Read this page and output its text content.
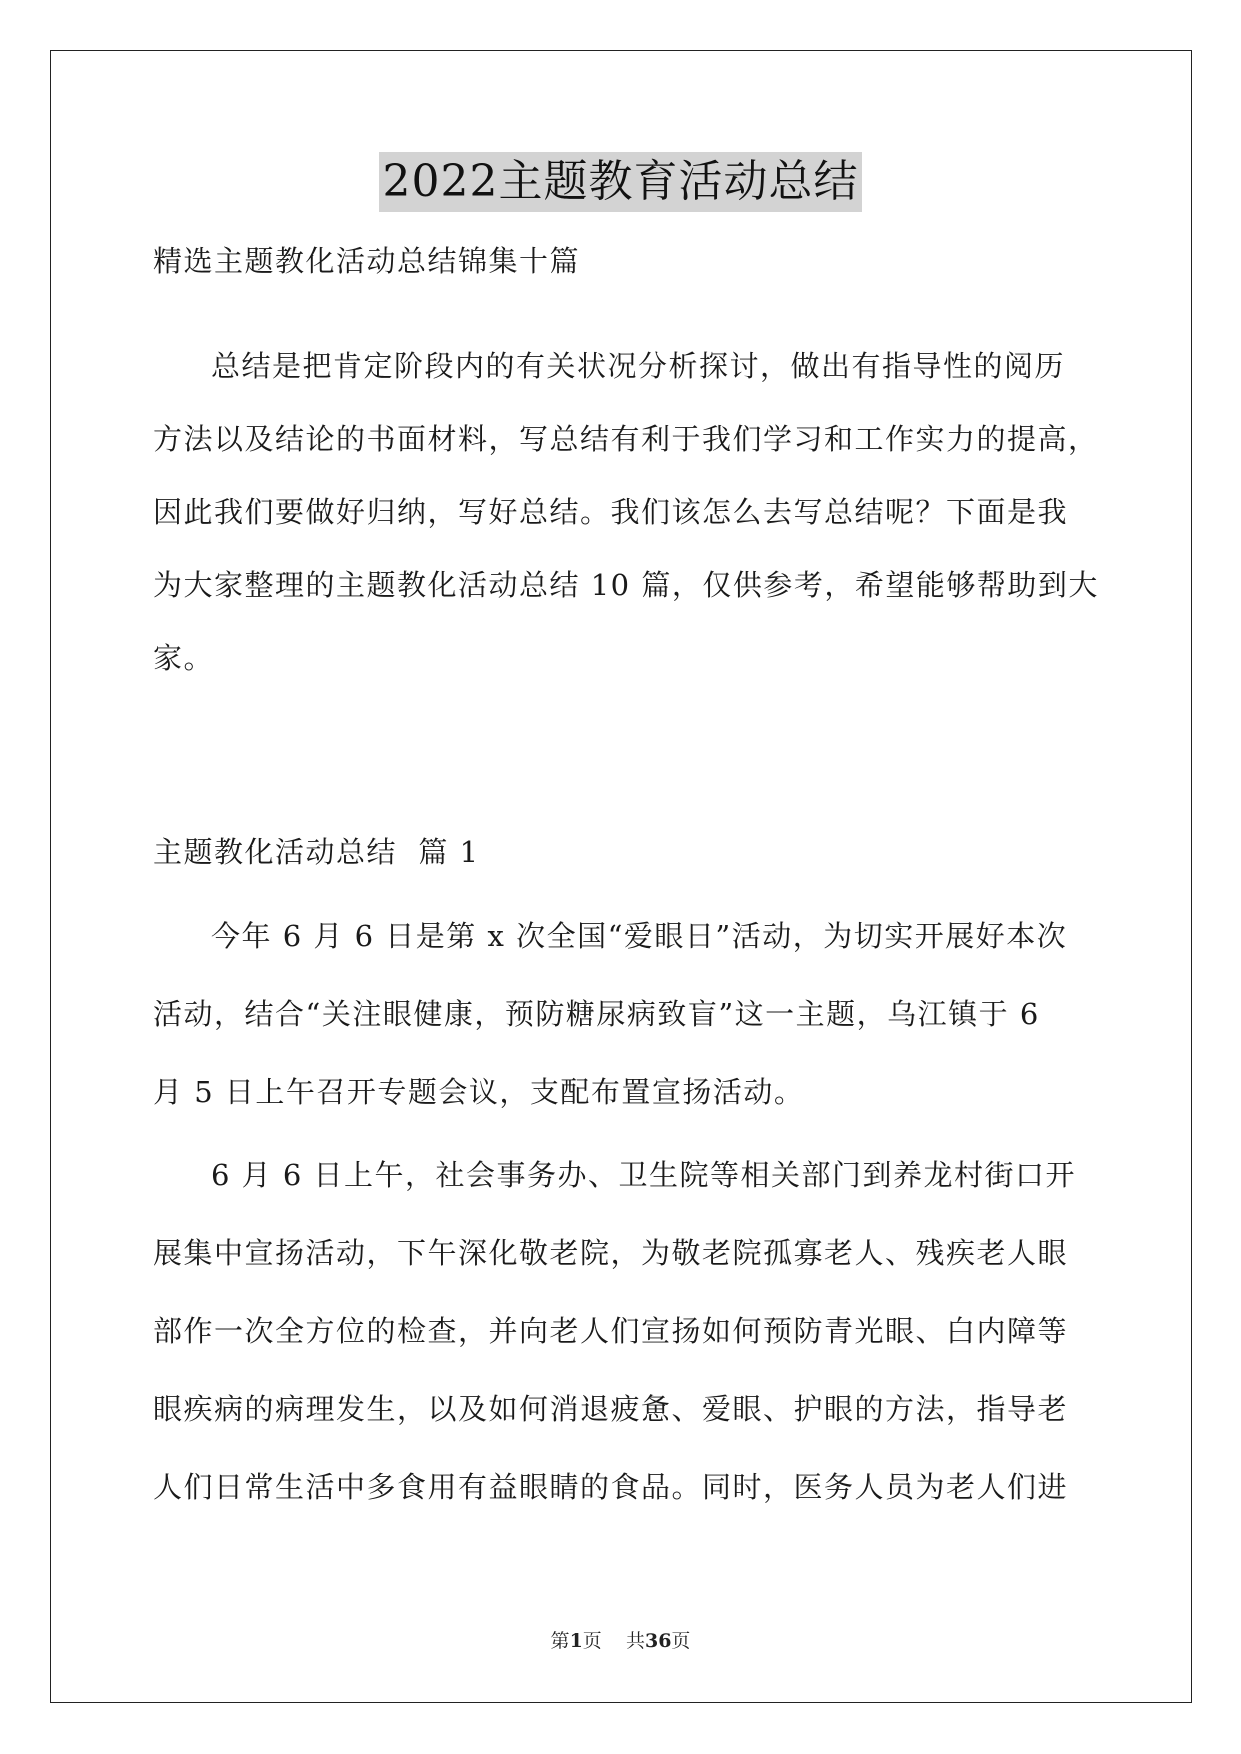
2022主题教育活动总结
精选主题教化活动总结锦集十篇
总结是把肯定阶段内的有关状况分析探讨，做出有指导性的阅历
方法以及结论的书面材料，写总结有利于我们学习和工作实力的提高，
因此我们要做好归纳，写好总结。我们该怎么去写总结呢？下面是我
为大家整理的主题教化活动总结 10 篇，仅供参考，希望能够帮助到大
家。
主题教化活动总结  篇 1
今年 6 月 6 日是第 x 次全国“爱眼日”活动，为切实开展好本次
活动，结合“关注眼健康，预防糖尿病致盲”这一主题，乌江镇于 6
月 5 日上午召开专题会议，支配布置宣扬活动。
6 月 6 日上午，社会事务办、卫生院等相关部门到养龙村街口开
展集中宣扬活动，下午深化敬老院，为敬老院孤寡老人、残疾老人眼
部作一次全方位的检查，并向老人们宣扬如何预防青光眼、白内障等
眼疾病的病理发生，以及如何消退疲惫、爱眼、护眼的方法，指导老
人们日常生活中多食用有益眼睛的食品。同时，医务人员为老人们进
第1页    共36页
